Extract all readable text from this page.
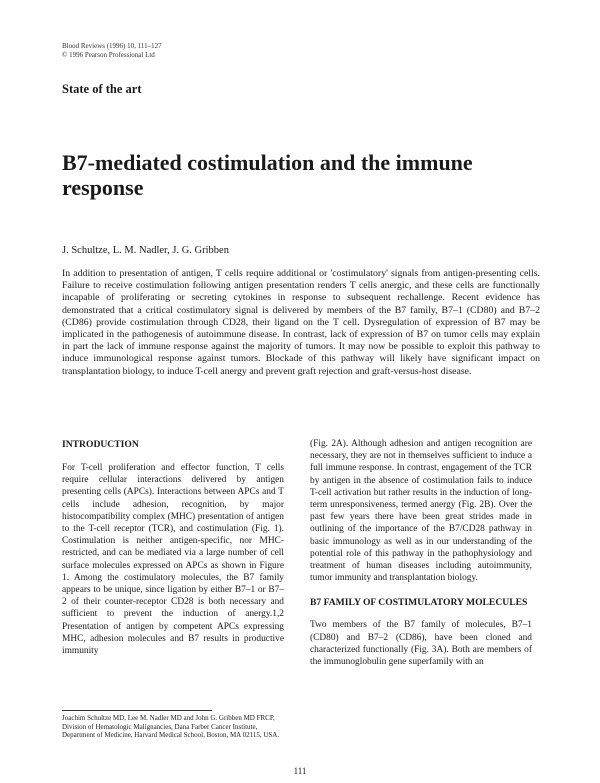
Blood Reviews (1996) 10, 111–127
© 1996 Pearson Professional Ltd
State of the art
B7-mediated costimulation and the immune response
J. Schultze, L. M. Nadler, J. G. Gribben

In addition to presentation of antigen, T cells require additional or 'costimulatory' signals from antigen-presenting cells. Failure to receive costimulation following antigen presentation renders T cells anergic, and these cells are functionally incapable of proliferating or secreting cytokines in response to subsequent rechallenge. Recent evidence has demonstrated that a critical costimulatory signal is delivered by members of the B7 family, B7–1 (CD80) and B7–2 (CD86) provide costimulation through CD28, their ligand on the T cell. Dysregulation of expression of B7 may be implicated in the pathogenesis of autoimmune disease. In contrast, lack of expression of B7 on tumor cells may explain in part the lack of immune response against the majority of tumors. It may now be possible to exploit this pathway to induce immunological response against tumors. Blockade of this pathway will likely have significant impact on transplantation biology, to induce T-cell anergy and prevent graft rejection and graft-versus-host disease.

INTRODUCTION

For T-cell proliferation and effector function, T cells require cellular interactions delivered by antigen presenting cells (APCs). Interactions between APCs and T cells include adhesion, recognition, by major histocompatibility complex (MHC) presentation of antigen to the T-cell receptor (TCR), and costimulation (Fig. 1). Costimulation is neither antigen-specific, nor MHC-restricted, and can be mediated via a large number of cell surface molecules expressed on APCs as shown in Figure 1. Among the costimulatory molecules, the B7 family appears to be unique, since ligation by either B7–1 or B7–2 of their counter-receptor CD28 is both necessary and sufficient to prevent the induction of anergy.1,2 Presentation of antigen by competent APCs expressing MHC, adhesion molecules and B7 results in productive immunity

(Fig. 2A). Although adhesion and antigen recognition are necessary, they are not in themselves sufficient to induce a full immune response. In contrast, engagement of the TCR by antigen in the absence of costimulation fails to induce T-cell activation but rather results in the induction of long-term unresponsiveness, termed anergy (Fig. 2B). Over the past few years there have been great strides made in outlining of the importance of the B7/CD28 pathway in basic immunology as well as in our understanding of the potential role of this pathway in the pathophysiology and treatment of human diseases including autoimmunity, tumor immunity and transplantation biology.

B7 FAMILY OF COSTIMULATORY MOLECULES

Two members of the B7 family of molecules, B7–1 (CD80) and B7–2 (CD86), have been cloned and characterized functionally (Fig. 3A). Both are members of the immunoglobulin gene superfamily with an

Joachim Schultze MD, Lee M. Nadler MD and John G. Gribben MD FRCP, Division of Hematologic Malignancies, Dana Farber Cancer Institute, Department of Medicine, Harvard Medical School, Boston, MA 02115, USA.

111
